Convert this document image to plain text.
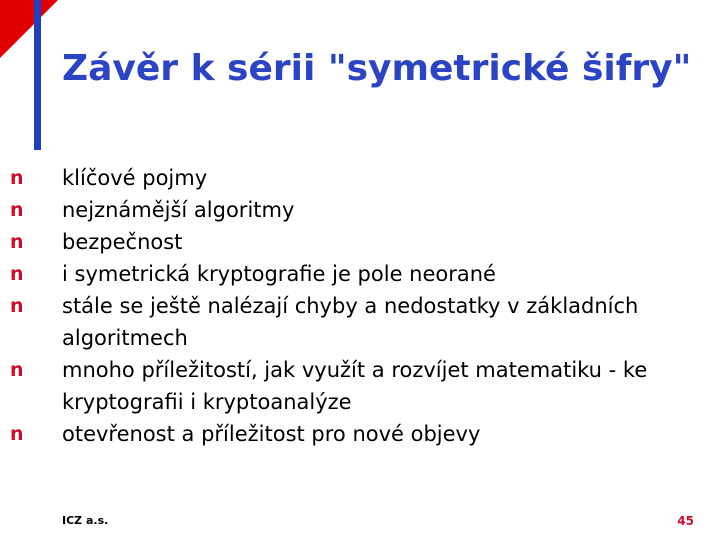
Závěr k sérii "symetrické šifry"
n klíčové pojmy
n nejznámější algoritmy
n bezpečnost
n i symetrická kryptografie je pole neorané
n stále se ještě nalézají chyby a nedostatky v základních algoritmech
n mnoho příležitostí, jak využít a rozvíjet matematiku - ke kryptografii i kryptoanalýze
n otevřenost a příležitost pro nové objevy
ICZ a.s.	45
